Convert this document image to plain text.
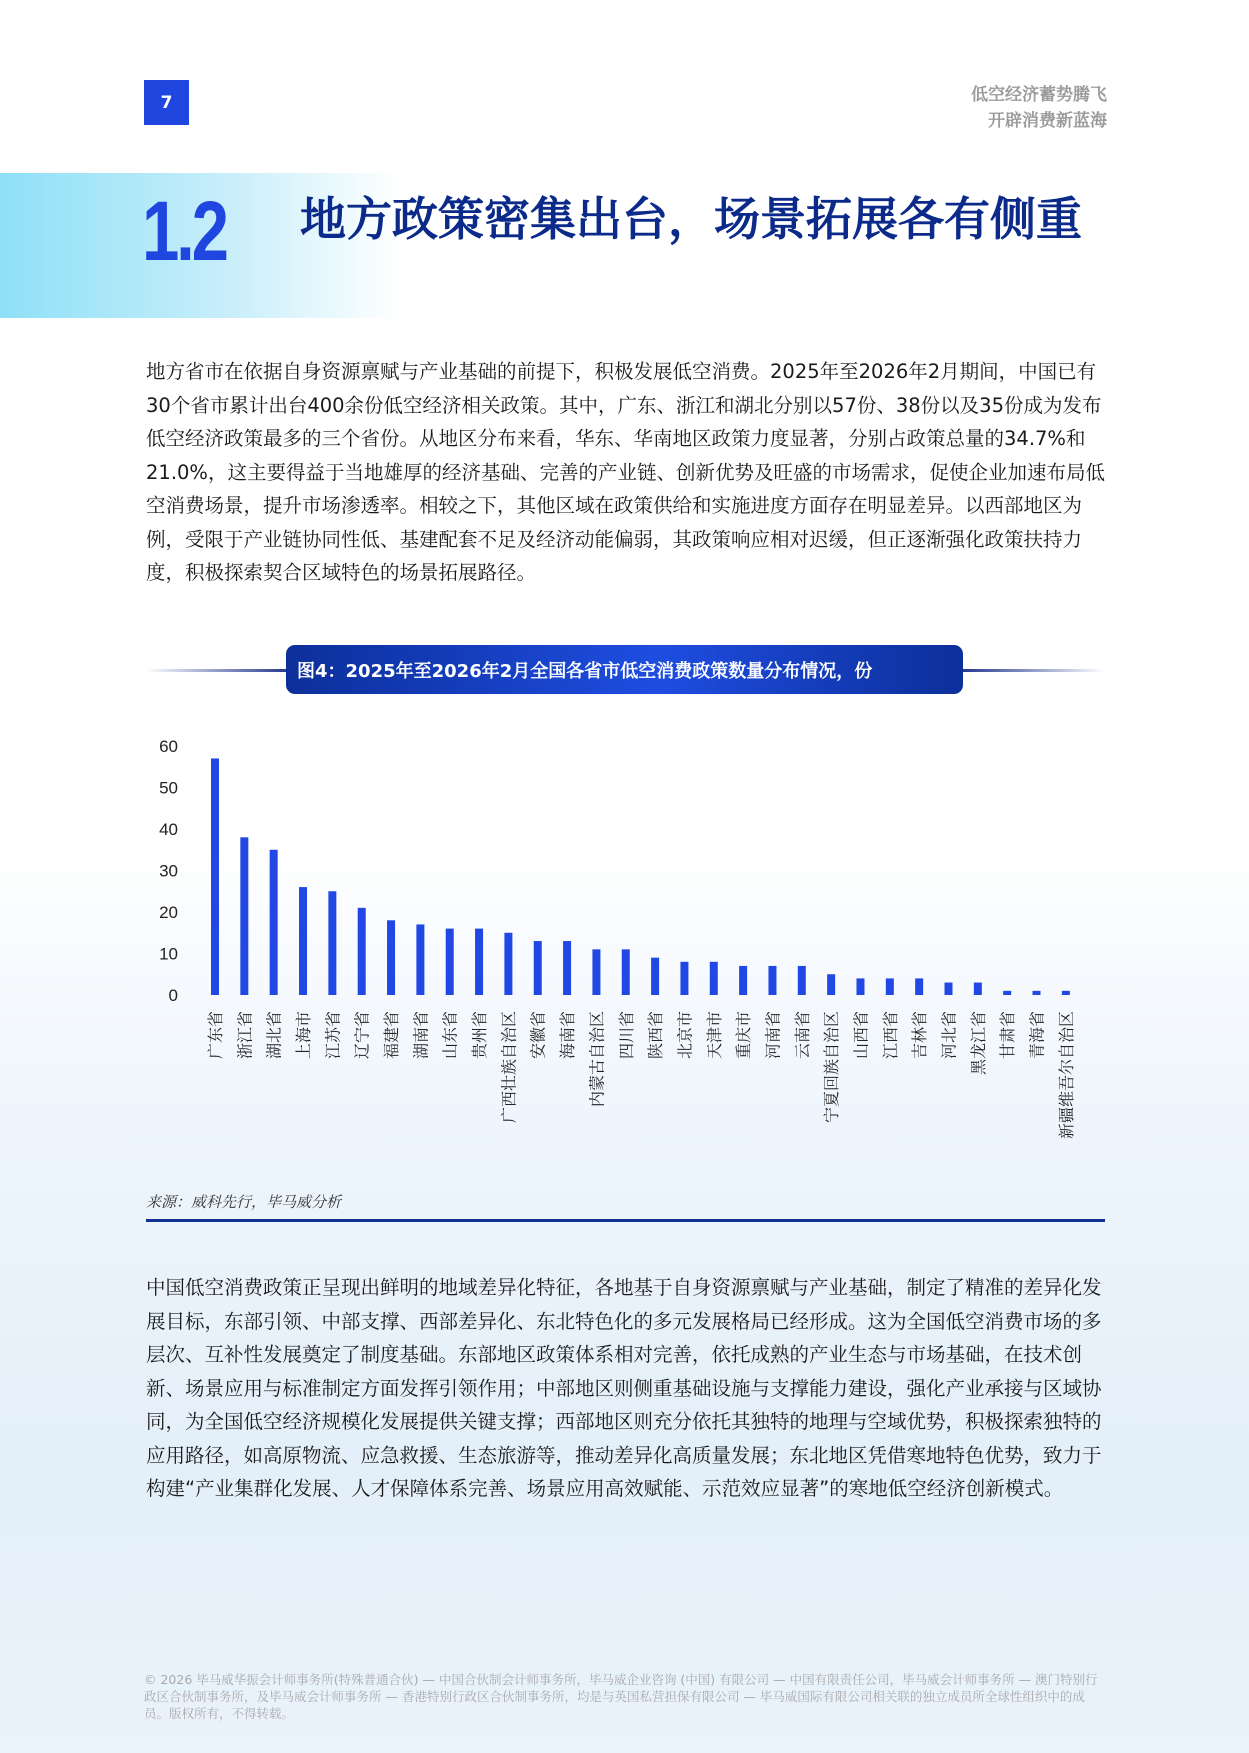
7	低空经济蓄势腾飞
开辟消费新蓝海
1.2 地方政策密集出台，场景拓展各有侧重

地方省市在依据自身资源禀赋与产业基础的前提下，积极发展低空消费。2025年至2026年2月期间，中国已有30个省市累计出台400余份低空经济相关政策。其中，广东、浙江和湖北分别以57份、38份以及35份成为发布低空经济政策最多的三个省份。从地区分布来看，华东、华南地区政策力度显著，分别占政策总量的34.7%和21.0%，这主要得益于当地雄厚的经济基础、完善的产业链、创新优势及旺盛的市场需求，促使企业加速布局低空消费场景，提升市场渗透率。相较之下，其他区域在政策供给和实施进度方面存在明显差异。以西部地区为例，受限于产业链协同性低、基建配套不足及经济动能偏弱，其政策响应相对迟缓，但正逐渐强化政策扶持力度，积极探索契合区域特色的场景拓展路径。

图4：2025年至2026年2月全国各省市低空消费政策数量分布情况，份
0
10
20
30
40
50
60
广东省 浙江省 湖北省 上海市 江苏省 辽宁省 福建省 湖南省 山东省 贵州省 广西壮族自治区 安徽省 海南省 内蒙古自治区 四川省 陕西省 北京市 天津市 重庆市 河南省 云南省 宁夏回族自治区 山西省 江西省 吉林省 河北省 黑龙江省 甘肃省 青海省 新疆维吾尔自治区
来源：威科先行，毕马威分析

中国低空消费政策正呈现出鲜明的地域差异化特征，各地基于自身资源禀赋与产业基础，制定了精准的差异化发展目标，东部引领、中部支撑、西部差异化、东北特色化的多元发展格局已经形成。这为全国低空消费市场的多层次、互补性发展奠定了制度基础。东部地区政策体系相对完善，依托成熟的产业生态与市场基础，在技术创新、场景应用与标准制定方面发挥引领作用；中部地区则侧重基础设施与支撑能力建设，强化产业承接与区域协同，为全国低空经济规模化发展提供关键支撑；西部地区则充分依托其独特的地理与空域优势，积极探索独特的应用路径，如高原物流、应急救援、生态旅游等，推动差异化高质量发展；东北地区凭借寒地特色优势，致力于构建“产业集群化发展、人才保障体系完善、场景应用高效赋能、示范效应显著”的寒地低空经济创新模式。

© 2026 毕马威华振会计师事务所(特殊普通合伙) — 中国合伙制会计师事务所，毕马威企业咨询 (中国) 有限公司 — 中国有限责任公司，毕马威会计师事务所 — 澳门特别行政区合伙制事务所，及毕马威会计师事务所 — 香港特别行政区合伙制事务所，均是与英国私营担保有限公司 — 毕马威国际有限公司相关联的独立成员所全球性组织中的成员。版权所有，不得转载。
